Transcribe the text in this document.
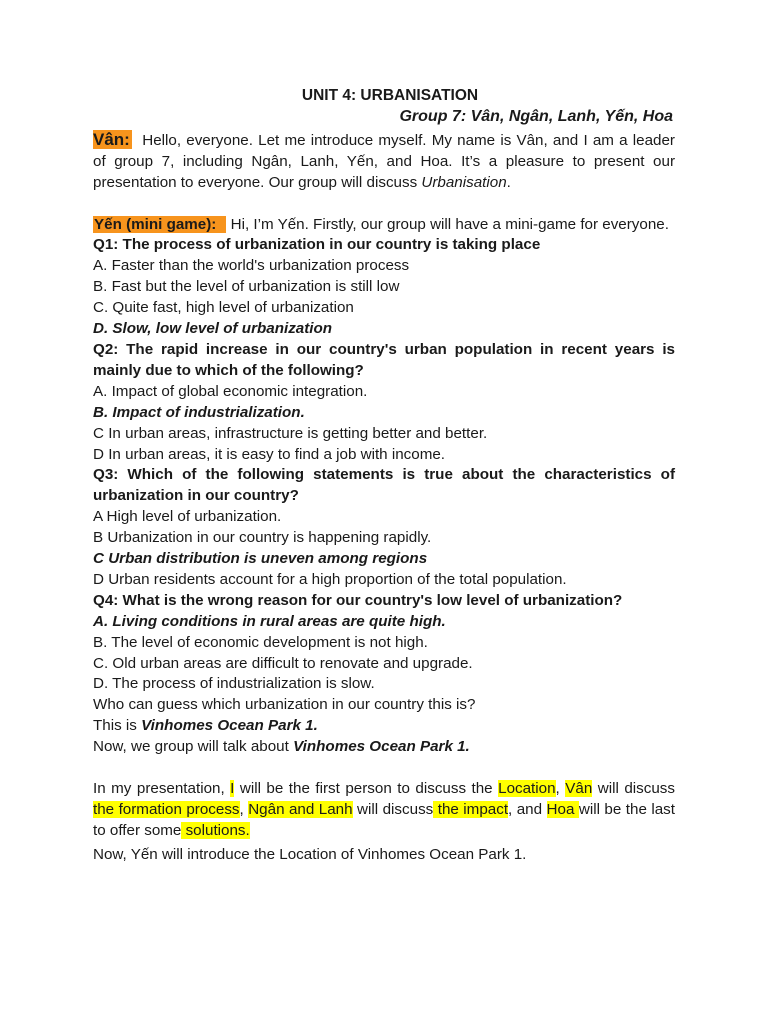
UNIT 4: URBANISATION

Group 7: Vân, Ngân, Lanh, Yến, Hoa

Vân: Hello, everyone. Let me introduce myself. My name is Vân, and I am a leader of group 7, including Ngân, Lanh, Yến, and Hoa. It’s a pleasure to present our presentation to everyone. Our group will discuss Urbanisation.

Yến (mini game): Hi, I’m Yến. Firstly, our group will have a mini-game for everyone.

Q1: The process of urbanization in our country is taking place

A. Faster than the world's urbanization process

B. Fast but the level of urbanization is still low

C. Quite fast, high level of urbanization

D. Slow, low level of urbanization

Q2: The rapid increase in our country's urban population in recent years is mainly due to which of the following?

A. Impact of global economic integration.

B. Impact of industrialization.

C In urban areas, infrastructure is getting better and better.

D In urban areas, it is easy to find a job with income.

Q3: Which of the following statements is true about the characteristics of urbanization in our country?

A High level of urbanization.

B Urbanization in our country is happening rapidly.

C Urban distribution is uneven among regions

D Urban residents account for a high proportion of the total population.

Q4: What is the wrong reason for our country's low level of urbanization?

A. Living conditions in rural areas are quite high.

B. The level of economic development is not high.

C. Old urban areas are difficult to renovate and upgrade.

D. The process of industrialization is slow.

Who can guess which urbanization in our country this is?

This is Vinhomes Ocean Park 1.

Now, we group will talk about Vinhomes Ocean Park 1.

In my presentation, I will be the first person to discuss the Location, Vân will discuss the formation process, Ngân and Lanh will discuss the impact, and Hoa will be the last to offer some solutions.

Now, Yến will introduce the Location of Vinhomes Ocean Park 1.
